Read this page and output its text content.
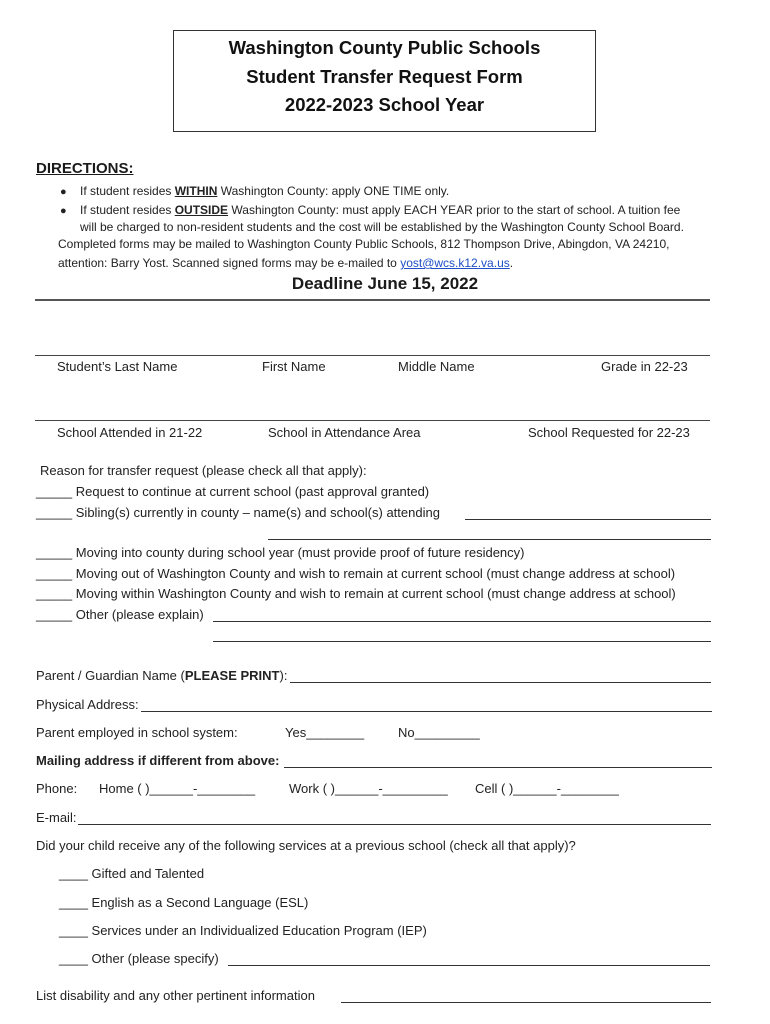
Washington County Public Schools
Student Transfer Request Form
2022-2023 School Year
DIRECTIONS:
● If student resides WITHIN Washington County: apply ONE TIME only.
● If student resides OUTSIDE Washington County: must apply EACH YEAR prior to the start of school. A tuition fee
will be charged to non-resident students and the cost will be established by the Washington County School Board.
Completed forms may be mailed to Washington County Public Schools, 812 Thompson Drive, Abingdon, VA 24210,
attention: Barry Yost. Scanned signed forms may be e-mailed to yost@wcs.k12.va.us.
Deadline June 15, 2022
Student’s Last Name	First Name	Middle Name	Grade in 22-23
School Attended in 21-22	School in Attendance Area	School Requested for 22-23
Reason for transfer request (please check all that apply):
_____ Request to continue at current school (past approval granted)
_____ Sibling(s) currently in county – name(s) and school(s) attending
_____ Moving into county during school year (must provide proof of future residency)
_____ Moving out of Washington County and wish to remain at current school (must change address at school)
_____ Moving within Washington County and wish to remain at current school (must change address at school)
_____ Other (please explain)
Parent / Guardian Name (PLEASE PRINT):
Physical Address:
Parent employed in school system:	Yes________	No_________
Mailing address if different from above:
Phone: Home ( )______-________	Work ( )______-_________ Cell ( )______-________
E-mail:
Did your child receive any of the following services at a previous school (check all that apply)?
____ Gifted and Talented
____ English as a Second Language (ESL)
____ Services under an Individualized Education Program (IEP)
____ Other (please specify)
List disability and any other pertinent information
